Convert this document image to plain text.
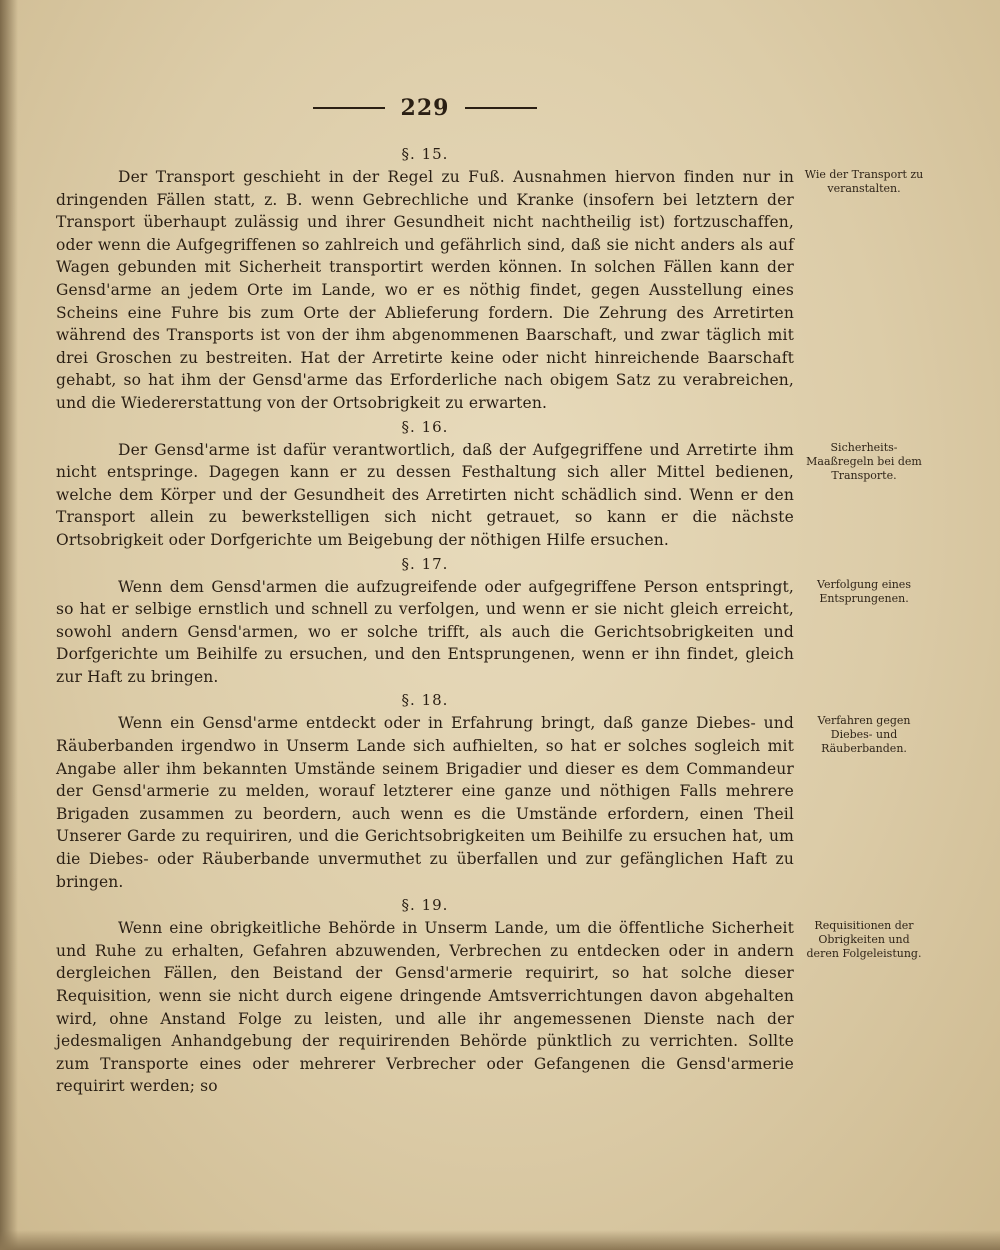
229
§. 15.

Der Transport geschieht in der Regel zu Fuß. Ausnahmen hiervon finden nur in dringenden Fällen statt, z. B. wenn Gebrechliche und Kranke (insofern bei letztern der Transport überhaupt zulässig und ihrer Gesundheit nicht nachtheilig ist) fortzuschaffen, oder wenn die Aufgegriffenen so zahlreich und gefährlich sind, daß sie nicht anders als auf Wagen gebunden mit Sicherheit transportirt werden können. In solchen Fällen kann der Gensd'arme an jedem Orte im Lande, wo er es nöthig findet, gegen Ausstellung eines Scheins eine Fuhre bis zum Orte der Ablieferung fordern. Die Zehrung des Arretirten während des Transports ist von der ihm abgenommenen Baarschaft, und zwar täglich mit drei Groschen zu bestreiten. Hat der Arretirte keine oder nicht hinreichende Baarschaft gehabt, so hat ihm der Gensd'arme das Erforderliche nach obigem Satz zu verabreichen, und die Wiedererstattung von der Ortsobrigkeit zu erwarten.

§. 16.

Der Gensd'arme ist dafür verantwortlich, daß der Aufgegriffene und Arretirte ihm nicht entspringe. Dagegen kann er zu dessen Festhaltung sich aller Mittel bedienen, welche dem Körper und der Gesundheit des Arretirten nicht schädlich sind. Wenn er den Transport allein zu bewerkstelligen sich nicht getrauet, so kann er die nächste Ortsobrigkeit oder Dorfgerichte um Beigebung der nöthigen Hilfe ersuchen.

§. 17.

Wenn dem Gensd'armen die aufzugreifende oder aufgegriffene Person entspringt, so hat er selbige ernstlich und schnell zu verfolgen, und wenn er sie nicht gleich erreicht, sowohl andern Gensd'armen, wo er solche trifft, als auch die Gerichtsobrigkeiten und Dorfgerichte um Beihilfe zu ersuchen, und den Entsprungenen, wenn er ihn findet, gleich zur Haft zu bringen.

§. 18.

Wenn ein Gensd'arme entdeckt oder in Erfahrung bringt, daß ganze Diebes- und Räuberbanden irgendwo in Unserm Lande sich aufhielten, so hat er solches sogleich mit Angabe aller ihm bekannten Umstände seinem Brigadier und dieser es dem Commandeur der Gensd'armerie zu melden, worauf letzterer eine ganze und nöthigen Falls mehrere Brigaden zusammen zu beordern, auch wenn es die Umstände erfordern, einen Theil Unserer Garde zu requiriren, und die Gerichtsobrigkeiten um Beihilfe zu ersuchen hat, um die Diebes- oder Räuberbande unvermuthet zu überfallen und zur gefänglichen Haft zu bringen.

§. 19.

Wenn eine obrigkeitliche Behörde in Unserm Lande, um die öffentliche Sicherheit und Ruhe zu erhalten, Gefahren abzuwenden, Verbrechen zu entdecken oder in andern dergleichen Fällen, den Beistand der Gensd'armerie requirirt, so hat solche dieser Requisition, wenn sie nicht durch eigene dringende Amtsverrichtungen davon abgehalten wird, ohne Anstand Folge zu leisten, und alle ihr angemessenen Dienste nach der jedesmaligen Anhandgebung der requirirenden Behörde pünktlich zu verrichten. Sollte zum Transporte eines oder mehrerer Verbrecher oder Gefangenen die Gensd'armerie requirirt werden; so

Wie der Transport zu veranstalten.
Sicherheits-Maaßregeln bei dem Transporte.
Verfolgung eines Entsprungenen.
Verfahren gegen Diebes- und Räuberbanden.
Requisitionen der Obrigkeiten und deren Folgeleistung.
